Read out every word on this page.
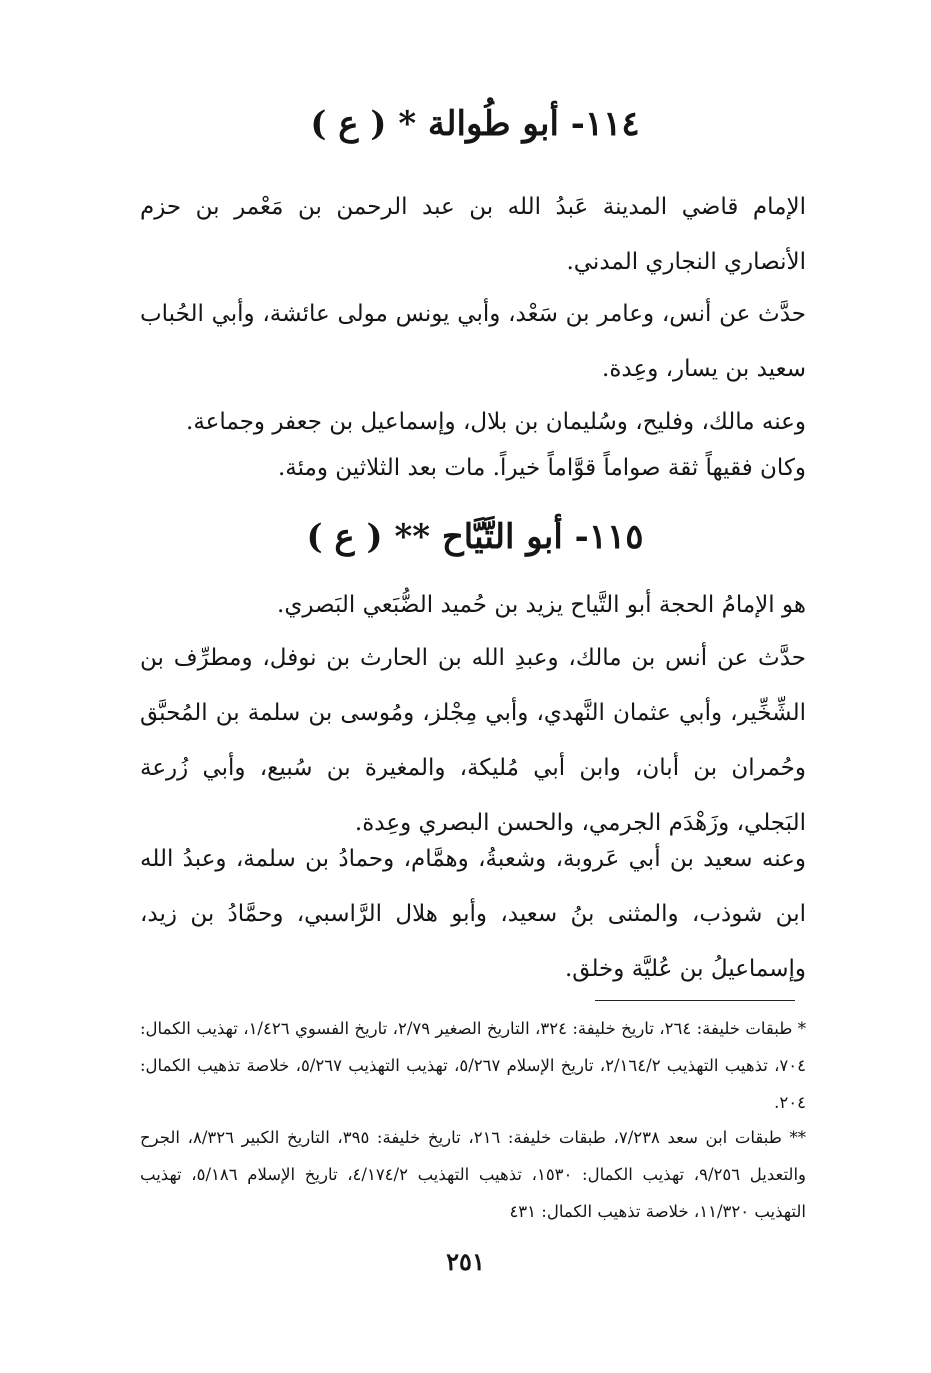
١١٤- أبو طُوالة * ( ع )

الإمام قاضي المدينة عَبدُ الله بن عبد الرحمن بن مَعْمر بن حزم الأنصاري النجاري المدني.

حدَّث عن أنس، وعامر بن سَعْد، وأبي يونس مولى عائشة، وأبي الحُباب سعيد بن يسار، وعِدة.

وعنه مالك، وفليح، وسُليمان بن بلال، وإسماعيل بن جعفر وجماعة.

وكان فقيهاً ثقة صواماً قوَّاماً خيراً. مات بعد الثلاثين ومئة.

١١٥- أبو التَّيَّاح ** ( ع )

هو الإمامُ الحجة أبو التَّياح يزيد بن حُميد الضُّبَعي البَصري.

حدَّث عن أنس بن مالك، وعبدِ الله بن الحارث بن نوفل، ومطرِّف بن الشِّخِّير، وأبي عثمان النَّهدي، وأبي مِجْلز، ومُوسى بن سلمة بن المُحبَّق وحُمران بن أبان، وابن أبي مُليكة، والمغيرة بن سُبيع، وأبي زُرعة البَجلي، وزَهْدَم الجرمي، والحسن البصري وعِدة.

وعنه سعيد بن أبي عَروبة، وشعبةُ، وهمَّام، وحمادُ بن سلمة، وعبدُ الله ابن شوذب، والمثنى بنُ سعيد، وأبو هلال الرَّاسبي، وحمَّادُ بن زيد، وإسماعيلُ بن عُليَّة وخلق.

* طبقات خليفة: ٢٦٤، تاريخ خليفة: ٣٢٤، التاريخ الصغير ٢/٧٩، تاريخ الفسوي ١/٤٢٦، تهذيب الكمال: ٧٠٤، تذهيب التهذيب ٢/١٦٤/٢، تاريخ الإسلام ٥/٢٦٧، تهذيب التهذيب ٥/٢٦٧، خلاصة تذهيب الكمال: ٢٠٤.

** طبقات ابن سعد ٧/٢٣٨، طبقات خليفة: ٢١٦، تاريخ خليفة: ٣٩٥، التاريخ الكبير ٨/٣٢٦، الجرح والتعديل ٩/٢٥٦، تهذيب الكمال: ١٥٣٠، تذهيب التهذيب ٤/١٧٤/٢، تاريخ الإسلام ٥/١٨٦، تهذيب التهذيب ١١/٣٢٠، خلاصة تذهيب الكمال: ٤٣١

٢٥١
